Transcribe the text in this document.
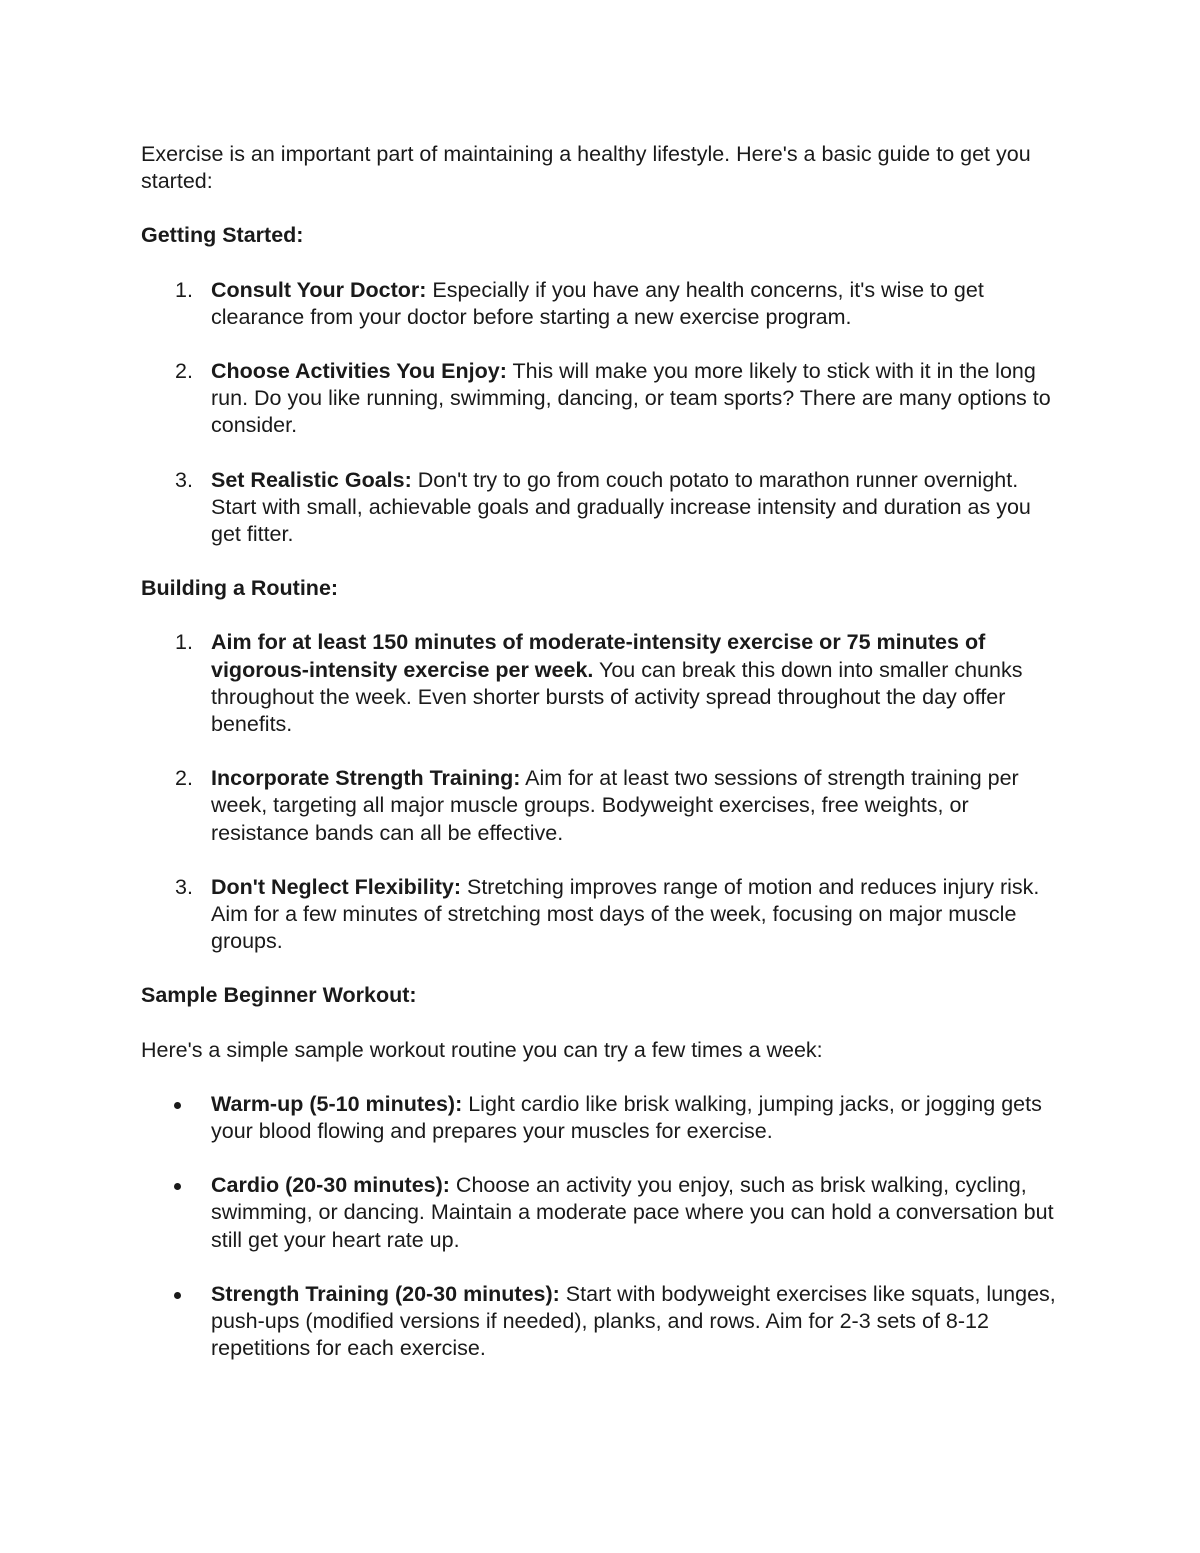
Exercise is an important part of maintaining a healthy lifestyle. Here's a basic guide to get you started:

Getting Started:

1. Consult Your Doctor: Especially if you have any health concerns, it's wise to get clearance from your doctor before starting a new exercise program.
2. Choose Activities You Enjoy: This will make you more likely to stick with it in the long run. Do you like running, swimming, dancing, or team sports? There are many options to consider.
3. Set Realistic Goals: Don't try to go from couch potato to marathon runner overnight. Start with small, achievable goals and gradually increase intensity and duration as you get fitter.

Building a Routine:

1. Aim for at least 150 minutes of moderate-intensity exercise or 75 minutes of vigorous-intensity exercise per week. You can break this down into smaller chunks throughout the week. Even shorter bursts of activity spread throughout the day offer benefits.
2. Incorporate Strength Training: Aim for at least two sessions of strength training per week, targeting all major muscle groups. Bodyweight exercises, free weights, or resistance bands can all be effective.
3. Don't Neglect Flexibility: Stretching improves range of motion and reduces injury risk. Aim for a few minutes of stretching most days of the week, focusing on major muscle groups.

Sample Beginner Workout:

Here's a simple sample workout routine you can try a few times a week:

Warm-up (5-10 minutes): Light cardio like brisk walking, jumping jacks, or jogging gets your blood flowing and prepares your muscles for exercise.
Cardio (20-30 minutes): Choose an activity you enjoy, such as brisk walking, cycling, swimming, or dancing. Maintain a moderate pace where you can hold a conversation but still get your heart rate up.
Strength Training (20-30 minutes): Start with bodyweight exercises like squats, lunges, push-ups (modified versions if needed), planks, and rows. Aim for 2-3 sets of 8-12 repetitions for each exercise.
